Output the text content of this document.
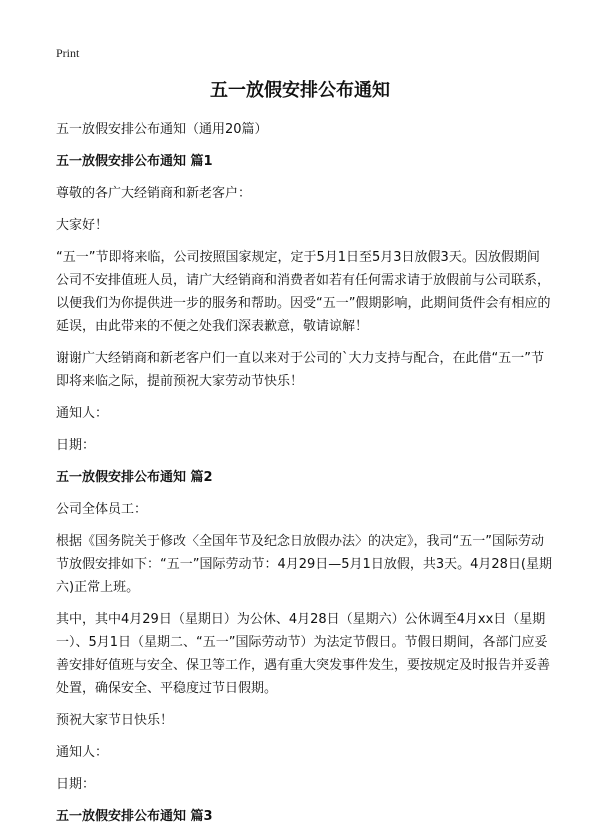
Print
五一放假安排公布通知

五一放假安排公布通知（通用20篇）

五一放假安排公布通知 篇1

尊敬的各广大经销商和新老客户：

大家好！

“五一”节即将来临，公司按照国家规定，定于5月1日至5月3日放假3天。因放假期间公司不安排值班人员，请广大经销商和消费者如若有任何需求请于放假前与公司联系，以便我们为你提供进一步的服务和帮助。因受“五一”假期影响，此期间货件会有相应的延误，由此带来的不便之处我们深表歉意，敬请谅解！

谢谢广大经销商和新老客户们一直以来对于公司的`大力支持与配合，在此借“五一”节即将来临之际，提前预祝大家劳动节快乐！

通知人：

日期：

五一放假安排公布通知 篇2

公司全体员工：

根据《国务院关于修改〈全国年节及纪念日放假办法〉的决定》，我司“五一”国际劳动节放假安排如下：“五一”国际劳动节：4月29日—5月1日放假，共3天。4月28日(星期六)正常上班。

其中，其中4月29日（星期日）为公休、4月28日（星期六）公休调至4月xx日（星期一）、5月1日（星期二、“五一”国际劳动节）为法定节假日。节假日期间，各部门应妥善安排好值班与安全、保卫等工作，遇有重大突发事件发生，要按规定及时报告并妥善处置，确保安全、平稳度过节日假期。

预祝大家节日快乐！

通知人：

日期：

五一放假安排公布通知 篇3
